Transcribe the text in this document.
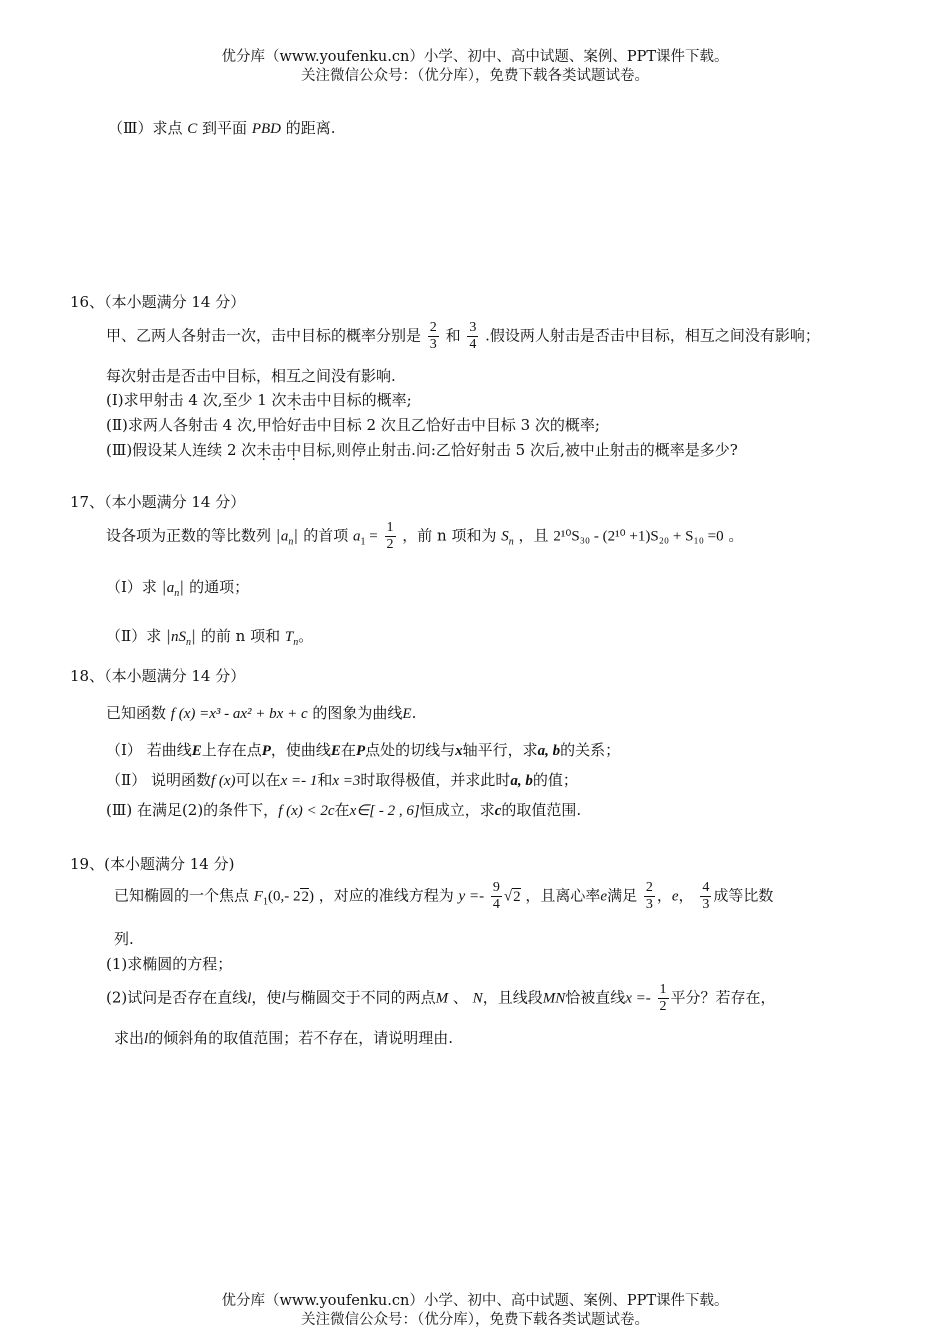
优分库（www.youfenku.cn）小学、初中、高中试题、案例、PPT课件下载。
关注微信公众号：（优分库），免费下载各类试题试卷。
（Ⅲ）求点 C 到平面 PBD 的距离.
16、（本小题满分 14 分）
甲、乙两人各射击一次，击中目标的概率分别是 $\frac{2}{3}$ 和 $\frac{3}{4}$ .假设两人射击是否击中目标，相互之间没有影响；
每次射击是否击中目标，相互之间没有影响.
(Ⅰ)求甲射击 4 次,至少 1 次未击中目标的概率;
(Ⅱ)求两人各射击 4 次,甲恰好击中目标 2 次且乙恰好击中目标 3 次的概率;
(Ⅲ)假设某人连续 2 次未击中目标,则停止射击.问:乙恰好射击 5 次后,被中止射击的概率是多少?
17、（本小题满分 14 分）
设各项为正数的等比数列 $|a_n|$ 的首项 $a_1 = \frac{1}{2}$ ，前 n 项和为 $S_n$ ，且 2¹⁰S₃₀ - (2¹⁰ +1)S₂₀ + S₁₀ =0 。
（Ⅰ）求 $|a_n|$ 的通项；
（Ⅱ）求 $|nS_n|$ 的前 n 项和 $T_n$。
18、（本小题满分 14 分）
已知函数 f (x) =x³ - ax² + bx + c 的图象为曲线E.
（Ⅰ） 若曲线E上存在点P，使曲线E在P点处的切线与x轴平行，求a, b的关系；
（Ⅱ） 说明函数f (x)可以在x =- 1和x =3时取得极值，并求此时a, b的值；
(Ⅲ) 在满足(2)的条件下，f (x) < 2c在x∈[ - 2 , 6]恒成立，求c的取值范围.
19、(本小题满分 14 分)
已知椭圆的一个焦点 $F_1(0,-$ 22) ，对应的准线方程为 $y =- \frac{9}{4} √2$ ，且离心率e满足 $\frac{2}{3}$ ，e， $\frac{4}{3}$ 成等比数
列.
(1)求椭圆的方程；
(2)试问是否存在直线l，使l与椭圆交于不同的两点M 、 N，且线段MN恰被直线$x =- \frac{1}{2}$ 平分？若存在，
求出l的倾斜角的取值范围；若不存在，请说明理由.
优分库（www.youfenku.cn）小学、初中、高中试题、案例、PPT课件下载。
关注微信公众号：（优分库），免费下载各类试题试卷。
